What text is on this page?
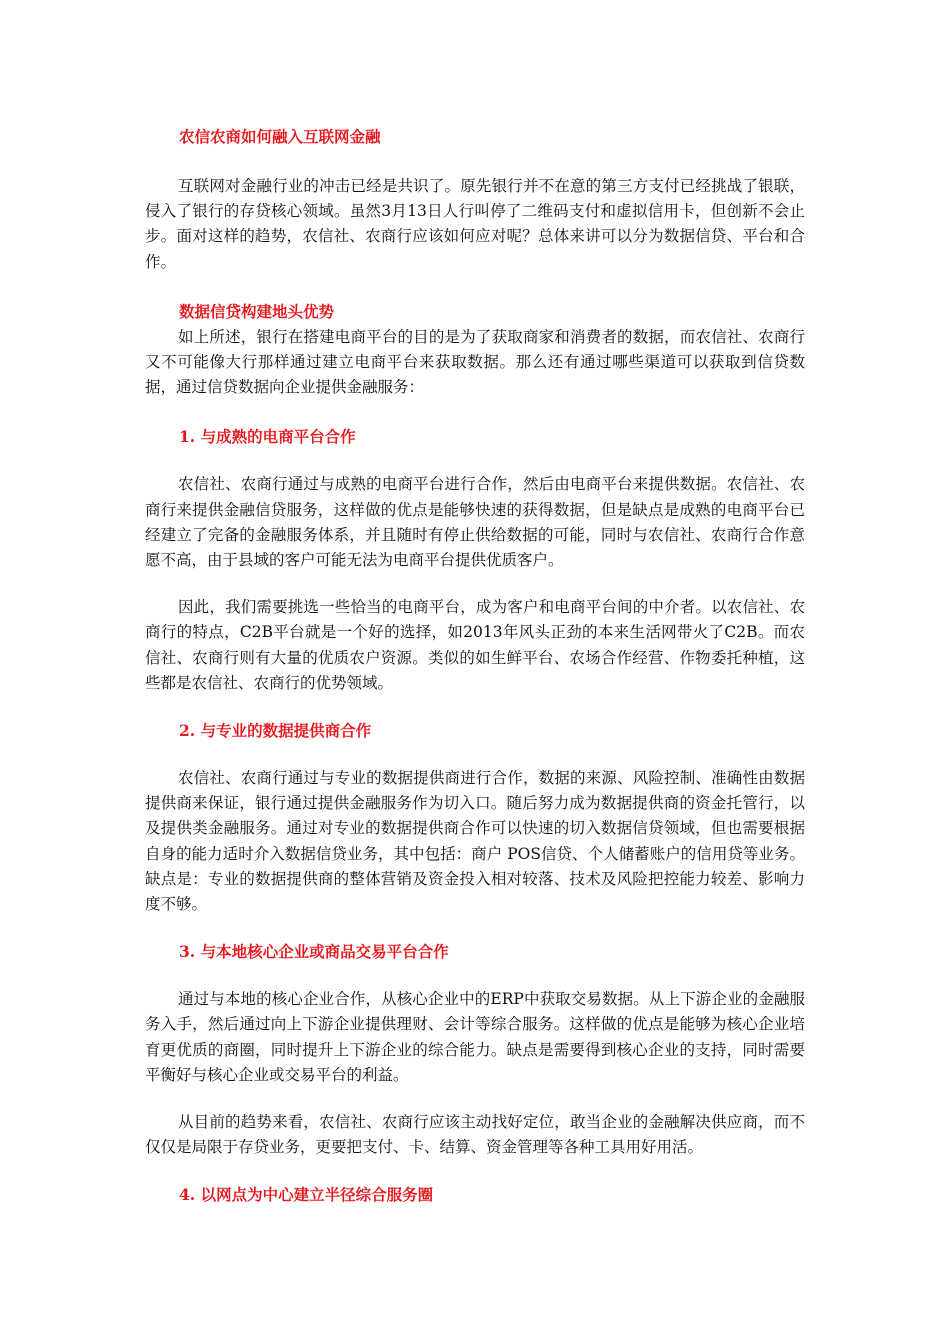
农信农商如何融入互联网金融

互联网对金融行业的冲击已经是共识了。原先银行并不在意的第三方支付已经挑战了银联，侵入了银行的存贷核心领域。虽然3月13日人行叫停了二维码支付和虚拟信用卡，但创新不会止步。面对这样的趋势，农信社、农商行应该如何应对呢？总体来讲可以分为数据信贷、平台和合作。

数据信贷构建地头优势

如上所述，银行在搭建电商平台的目的是为了获取商家和消费者的数据，而农信社、农商行又不可能像大行那样通过建立电商平台来获取数据。那么还有通过哪些渠道可以获取到信贷数据，通过信贷数据向企业提供金融服务：

1. 与成熟的电商平台合作

农信社、农商行通过与成熟的电商平台进行合作，然后由电商平台来提供数据。农信社、农商行来提供金融信贷服务，这样做的优点是能够快速的获得数据，但是缺点是成熟的电商平台已经建立了完备的金融服务体系，并且随时有停止供给数据的可能，同时与农信社、农商行合作意愿不高，由于县域的客户可能无法为电商平台提供优质客户。

因此，我们需要挑选一些恰当的电商平台，成为客户和电商平台间的中介者。以农信社、农商行的特点，C2B平台就是一个好的选择，如2013年风头正劲的本来生活网带火了C2B。而农信社、农商行则有大量的优质农户资源。类似的如生鲜平台、农场合作经营、作物委托种植，这些都是农信社、农商行的优势领域。

2. 与专业的数据提供商合作

农信社、农商行通过与专业的数据提供商进行合作，数据的来源、风险控制、准确性由数据提供商来保证，银行通过提供金融服务作为切入口。随后努力成为数据提供商的资金托管行，以及提供类金融服务。通过对专业的数据提供商合作可以快速的切入数据信贷领域，但也需要根据自身的能力适时介入数据信贷业务，其中包括：商户 POS信贷、个人储蓄账户的信用贷等业务。缺点是：专业的数据提供商的整体营销及资金投入相对较落、技术及风险把控能力较差、影响力度不够。

3. 与本地核心企业或商品交易平台合作

通过与本地的核心企业合作，从核心企业中的ERP中获取交易数据。从上下游企业的金融服务入手，然后通过向上下游企业提供理财、会计等综合服务。这样做的优点是能够为核心企业培育更优质的商圈，同时提升上下游企业的综合能力。缺点是需要得到核心企业的支持，同时需要平衡好与核心企业或交易平台的利益。

从目前的趋势来看，农信社、农商行应该主动找好定位，敢当企业的金融解决供应商，而不仅仅是局限于存贷业务，更要把支付、卡、结算、资金管理等各种工具用好用活。

4. 以网点为中心建立半径综合服务圈
